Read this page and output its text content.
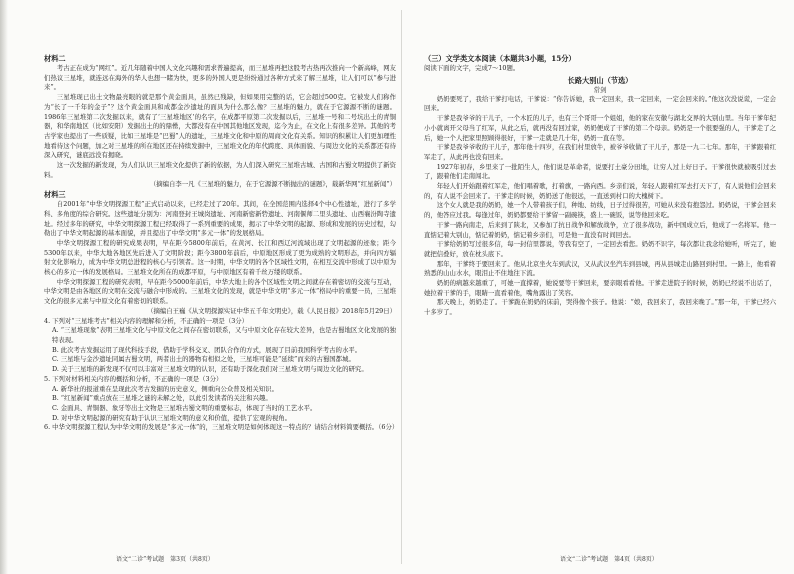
材料二

考古正在成为“网红”。近几年随着中国人文化兴趣和需求普遍提高，而三星堆再把这股考古热再次推向一个新高峰，网友们热议三星堆，就连远在海外的华人也想一睹为快，更多的外国人更是纷纷通过各种方式来了解三星堆，让人们可以“参与进来”。

三星堆现已出土文物最亮眼的就是那个黄金面具，虽然已残缺，但如果用完整的话，它会超过500克。它被发人们称作为“长了一千年的金子”？这个黄金面具和成都金沙遗址的面具为什么那么像？三星堆的魅力，就在于它源源不断的谜题。1986年三星堆第二次发掘以来，就有了‘三星堆地区’的名字，在成都平原第二次发掘以后，三星堆一号和二号坑出土的青铜器，和华南地区（比如安阳）发掘出土的的鼎罍，大都没有在中国其他地区发现，迄今为止，在文化上有很多差异。其他的考古学家也提出了一些质疑，比如三星堆是“巴蜀”人的遗址，三星堆文化和中原的周商文化有关系。知识的积累让人们更加理性地看待这个问题，加之对三星堆的所在地区还在持续发掘中，三星堆文化的年代跨度、具体面貌、与周边文化的关系都还有待深入研究，谜底远没有揭晓。

这一次发掘的新发现，为人们认识三星堆文化提供了新的依据，为人们深入研究三星堆古城、古国和古蜀文明提供了新资料。

（摘编自李一凡《三星堆的魅力，在于它源源不断抛出的谜题》，载新华网“红星新闻”）

材料三

自2001年“中华文明探源工程”正式启动以来，已经走过了20年。其间，在全国范围内选择4个中心性遗址，进行了多学科、多角度的综合研究。这些遗址分别为：河南登封王城岗遗址、河南新密新砦遗址、河南偃师二里头遗址、山西襄汾陶寺遗址。经过多年的研究，中华文明探源工程已经取得了一系列重要的成果，揭示了中华文明的起源、形成和发展的历史过程，勾勒出了中华文明起源的基本面貌，并且提出了中华文明“多元一体”的发展格局。

中华文明探源工程的研究成果表明，早在距今5800年前后，在黄河、长江和西辽河流域出现了文明起源的迹象；距今5300年以来，中华大地各地区先后进入了文明阶段；距今3800年前后，中原地区形成了更为成熟的文明形态，并向四方辐射文化影响力，成为中华文明总进程的核心与引领者。这一时期，中华文明的各个区域性文明，在相互交流中形成了以中原为核心的多元一体的发展格局。三星堆文化所在的成都平原，与中原地区有着千丝万缕的联系。

中华文明探源工程的研究表明，早在距今5000年前后，中华大地上的各个区域性文明之间就存在着密切的交流与互动，中华文明是由各地区的文明在交流与融合中形成的。三星堆文化的发现，就是中华文明“多元一体”格局中的重要一员，三星堆文化的很多元素与中原文化有着密切的联系。

（摘编自王巍《从文明探源实证中华五千年文明史》，载《人民日报》2018年5月29日）

4. 下列对“三星堆考古”相关内容的理解和分析，不正确的一项是（3分）

A. “三星堆现象”表明三星堆文化与中原文化之间存在密切联系，又与中原文化存在较大差异，也是古蜀地区文化发展的独特表现。

B. 此次考古发掘运用了现代科技手段，借助于学科交叉、团队合作的方式，展现了目前我国科学考古的水平。

C. 三星堆与金沙遗址同属古蜀文明，两者出土的器物有相似之处，三星堆可能是“延续”而来的古蜀国都城。

D. 关于三星堆的新发现不仅可以丰富对三星堆文明的认识，还有助于深化我们对三星堆文明与周边文化的研究。

5. 下列对材料相关内容的概括和分析，不正确的一项是（3分）

A. 新华社的报道重在呈现此次考古发掘的历史意义，侧重向公众普及相关知识。

B. “红星新闻”重点放在三星堆之谜的未解之处，以此引发读者的关注和兴趣。

C. 金面具、青铜器、象牙等出土文物是三星堆古蜀文明的重要标志，体现了当时的工艺水平。

D. 对中华文明起源的研究有助于认识三星堆文明的意义和价值，提供了宏观的视角。

6. 中华文明探源工程认为中华文明的发展是“多元一体”的，三星堆文明是如何体现这一特点的？请结合材料简要概括。（6分）

语文“二诊”考试题　第3页（共8页）
（三）文学类文本阅读（本题共3小题，15分）

阅读下面的文字，完成7～10题。

长路大别山（节选）
常剑

奶奶要死了，我给干爹打电话，干爹说：“你告诉她，我一定回来，我一定回来，一定会回来的。”他这次没说谎，一定会回来。

干爹是我爷爷的干儿子，一个木匠的儿子，也有三个哥哥一个姐姐，他的家在安徽与湖北交界的大别山里。当年干爹年纪小小就离开父母当了红军，从此之后，就再没有回过家，奶奶便成了干爹的第二个母亲。奶奶是一个很要强的人，干爹走了之后，她一个人把家里照顾得很好，干爹一走就是几十年，奶奶一直在等。

干爹是我爷爷收的干儿子，那年他十四岁，在我们村里放牛，被爷爷收做了干儿子，那是一九二七年。那年，干爹跟着红军走了，从此再也没有回来。

1927年初春，乡里来了一批陌生人，他们说是革命者，说要打土豪分田地，让穷人过上好日子。干爹很快就被吸引过去了，跟着他们走南闯北。

年轻人们开始跟着红军走，他们唱着歌，打着旗，一路向西。乡亲们说，年轻人跟着红军去打天下了，有人说他们会回来的，有人说不会回来了。干爹走的时候，奶奶送了他很远，一直送到村口的大槐树下。

这个女人就是我的奶奶，她一个人带着孩子们，种地、纺线，日子过得很苦，可她从来没有抱怨过。奶奶说，干爹会回来的，他答应过我。每逢过年，奶奶都要给干爹留一副碗筷，盛上一碗饭，说等他回来吃。

干爹一路向南走，后来到了陕北，又参加了抗日战争和解放战争，立了很多战功，新中国成立后，他成了一名将军。他一直惦记着大别山，惦记着奶奶，惦记着乡亲们，可是他一直没有时间回去。

干爹给奶奶写过很多信，每一封信里都说，等我有空了，一定回去看您。奶奶不识字，每次都让我念给她听，听完了，她就把信叠好，放在枕头底下。

那年，干爹终于要回来了。他从北京坐火车到武汉，又从武汉坐汽车到县城，再从县城走山路回到村里。一路上，他看着熟悉的山山水水，眼泪止不住地往下流。

奶奶的病越来越重了，可她一直撑着，她说要等干爹回来，要亲眼看看他。干爹走进院子的时候，奶奶已经说不出话了，她拉着干爹的手，眼睛一直看着他，嘴角露出了笑容。

那天晚上，奶奶走了。干爹跪在奶奶的床前，哭得像个孩子。他说：“娘，我回来了，我回来晚了。”那一年，干爹已经六十多岁了。

语文“二诊”考试题　第4页（共8页）
